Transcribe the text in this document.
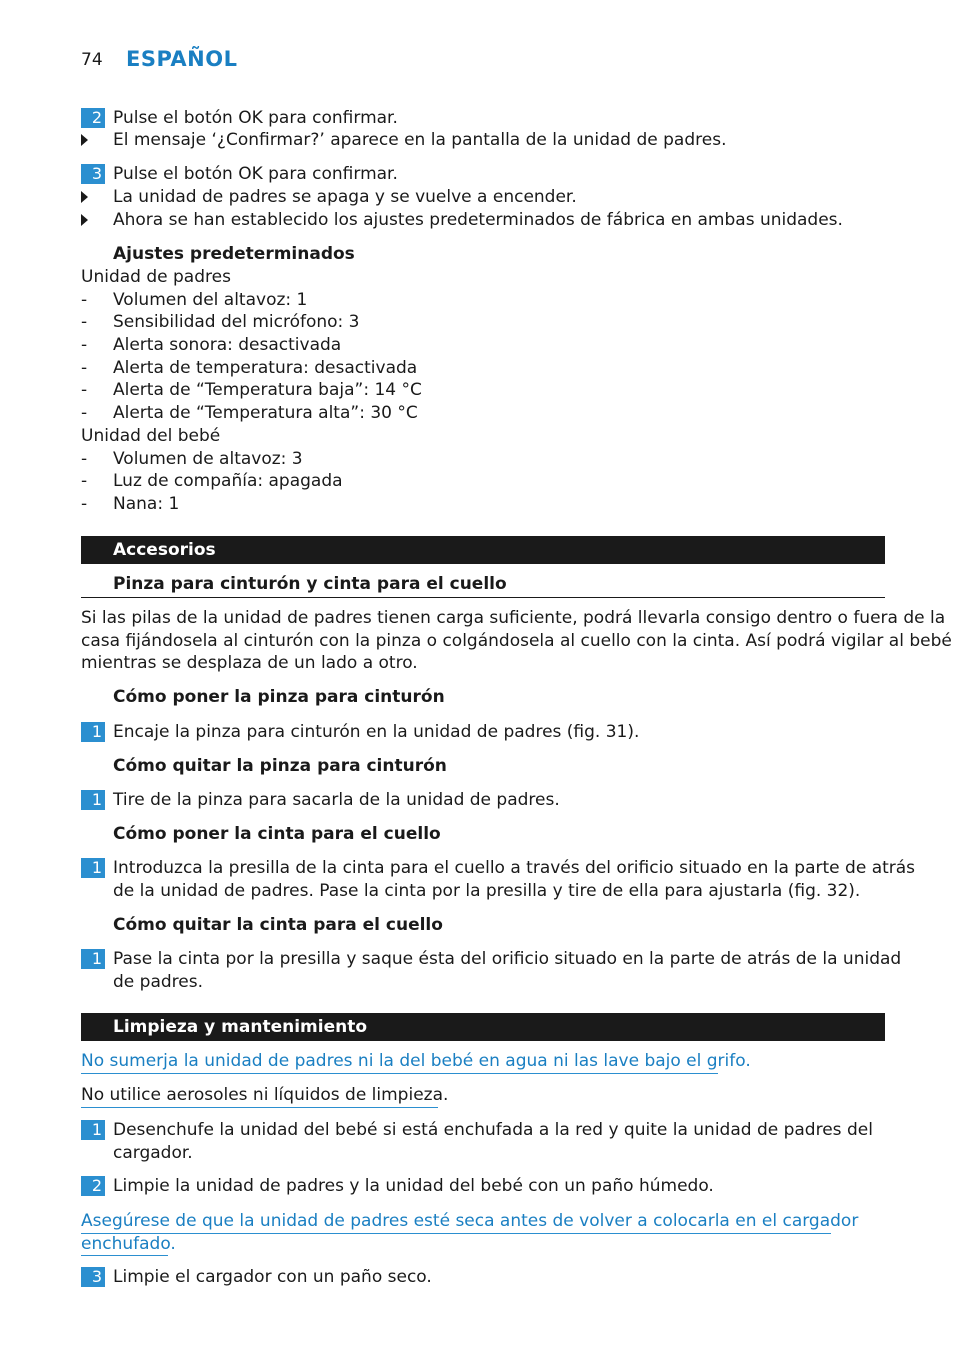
74 ESPAÑOL
2 Pulse el botón OK para confirmar.
El mensaje ‘¿Confirmar?’ aparece en la pantalla de la unidad de padres.
3 Pulse el botón OK para confirmar.
La unidad de padres se apaga y se vuelve a encender.
Ahora se han establecido los ajustes predeterminados de fábrica en ambas unidades.
Ajustes predeterminados
Unidad de padres
- Volumen del altavoz: 1
- Sensibilidad del micrófono: 3
- Alerta sonora: desactivada
- Alerta de temperatura: desactivada
- Alerta de “Temperatura baja”: 14 °C
- Alerta de “Temperatura alta”: 30 °C
Unidad del bebé
- Volumen de altavoz: 3
- Luz de compañía: apagada
- Nana: 1
Accesorios
Pinza para cinturón y cinta para el cuello
Si las pilas de la unidad de padres tienen carga suficiente, podrá llevarla consigo dentro o fuera de la
casa fijándosela al cinturón con la pinza o colgándosela al cuello con la cinta. Así podrá vigilar al bebé
mientras se desplaza de un lado a otro.
Cómo poner la pinza para cinturón
1 Encaje la pinza para cinturón en la unidad de padres (fig. 31).
Cómo quitar la pinza para cinturón
1 Tire de la pinza para sacarla de la unidad de padres.
Cómo poner la cinta para el cuello
1 Introduzca la presilla de la cinta para el cuello a través del orificio situado en la parte de atrás
de la unidad de padres. Pase la cinta por la presilla y tire de ella para ajustarla (fig. 32).
Cómo quitar la cinta para el cuello
1 Pase la cinta por la presilla y saque ésta del orificio situado en la parte de atrás de la unidad
de padres.
Limpieza y mantenimiento
No sumerja la unidad de padres ni la del bebé en agua ni las lave bajo el grifo.
No utilice aerosoles ni líquidos de limpieza.
1 Desenchufe la unidad del bebé si está enchufada a la red y quite la unidad de padres del
cargador.
2 Limpie la unidad de padres y la unidad del bebé con un paño húmedo.
Asegúrese de que la unidad de padres esté seca antes de volver a colocarla en el cargador
enchufado.
3 Limpie el cargador con un paño seco.
